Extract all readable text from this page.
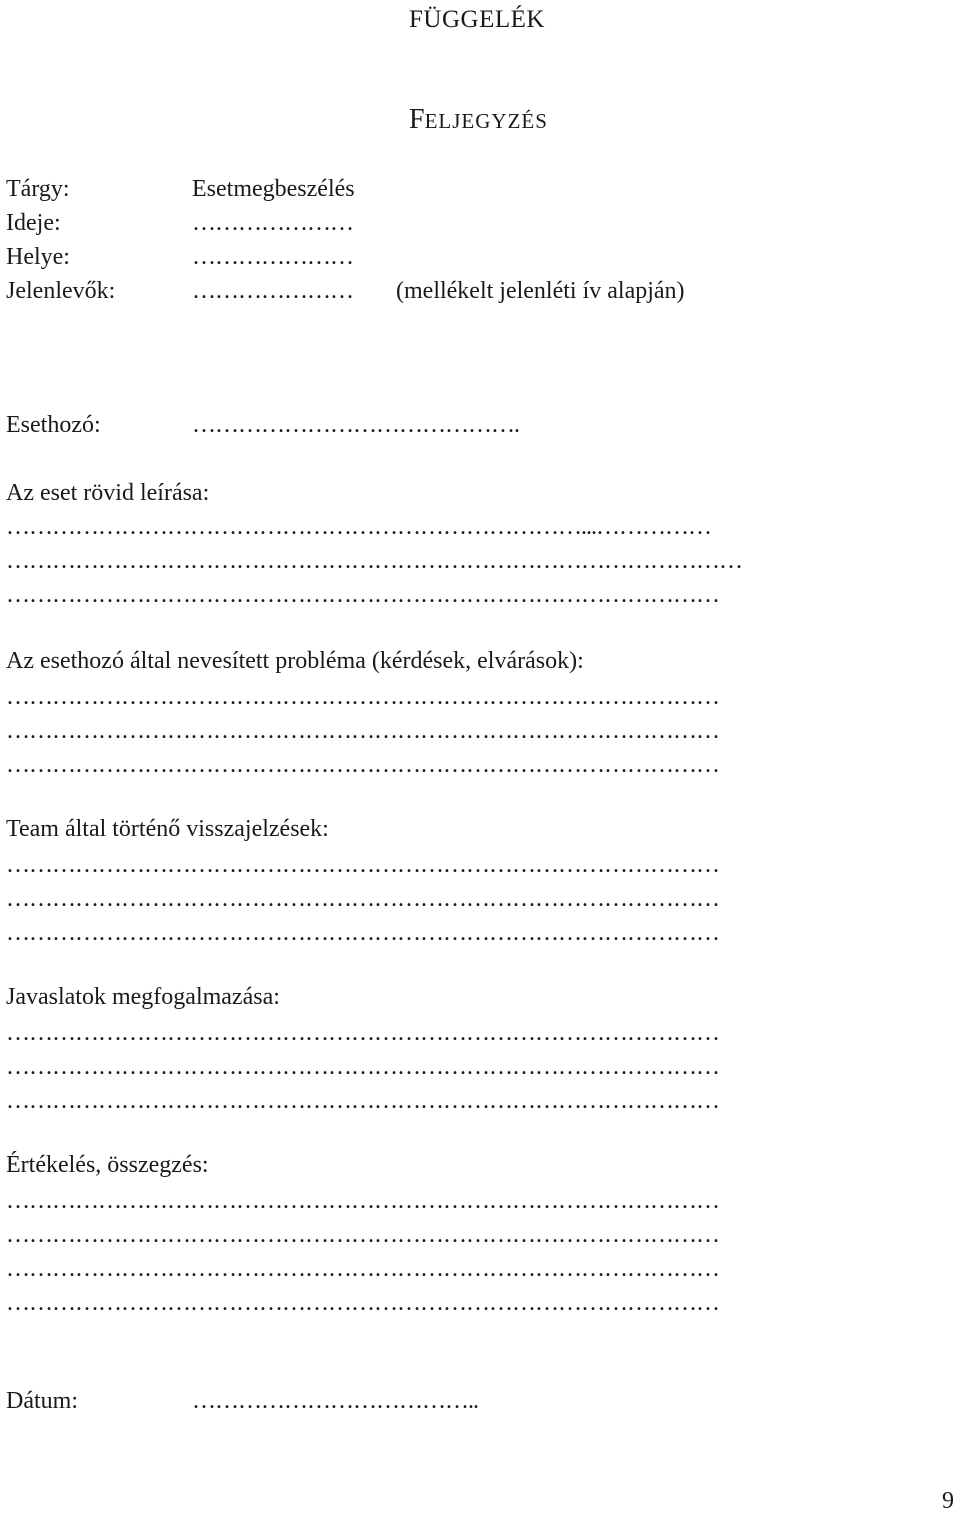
FÜGGELÉK
FELJEGYZÉS
Tárgy:	Esetmegbeszélés
Ideje:	…………………
Helye:	…………………
Jelenlevők:	………………… (mellékelt jelenléti ív alapján)
Esethozó:	…………………………………….
Az eset rövid leírása:
…………………………………………………………………...……………
……………………………………………………………………………………
…………………………………………………………………………………
Az esethozó által nevesített probléma (kérdések, elvárások):
…………………………………………………………………………………
…………………………………………………………………………………
…………………………………………………………………………………
Team által történő visszajelzések:
…………………………………………………………………………………
…………………………………………………………………………………
…………………………………………………………………………………
Javaslatok megfogalmazása:
…………………………………………………………………………………
…………………………………………………………………………………
…………………………………………………………………………………
Értékelés, összegzés:
…………………………………………………………………………………
…………………………………………………………………………………
…………………………………………………………………………………
…………………………………………………………………………………
Dátum:	………………………………..
9
